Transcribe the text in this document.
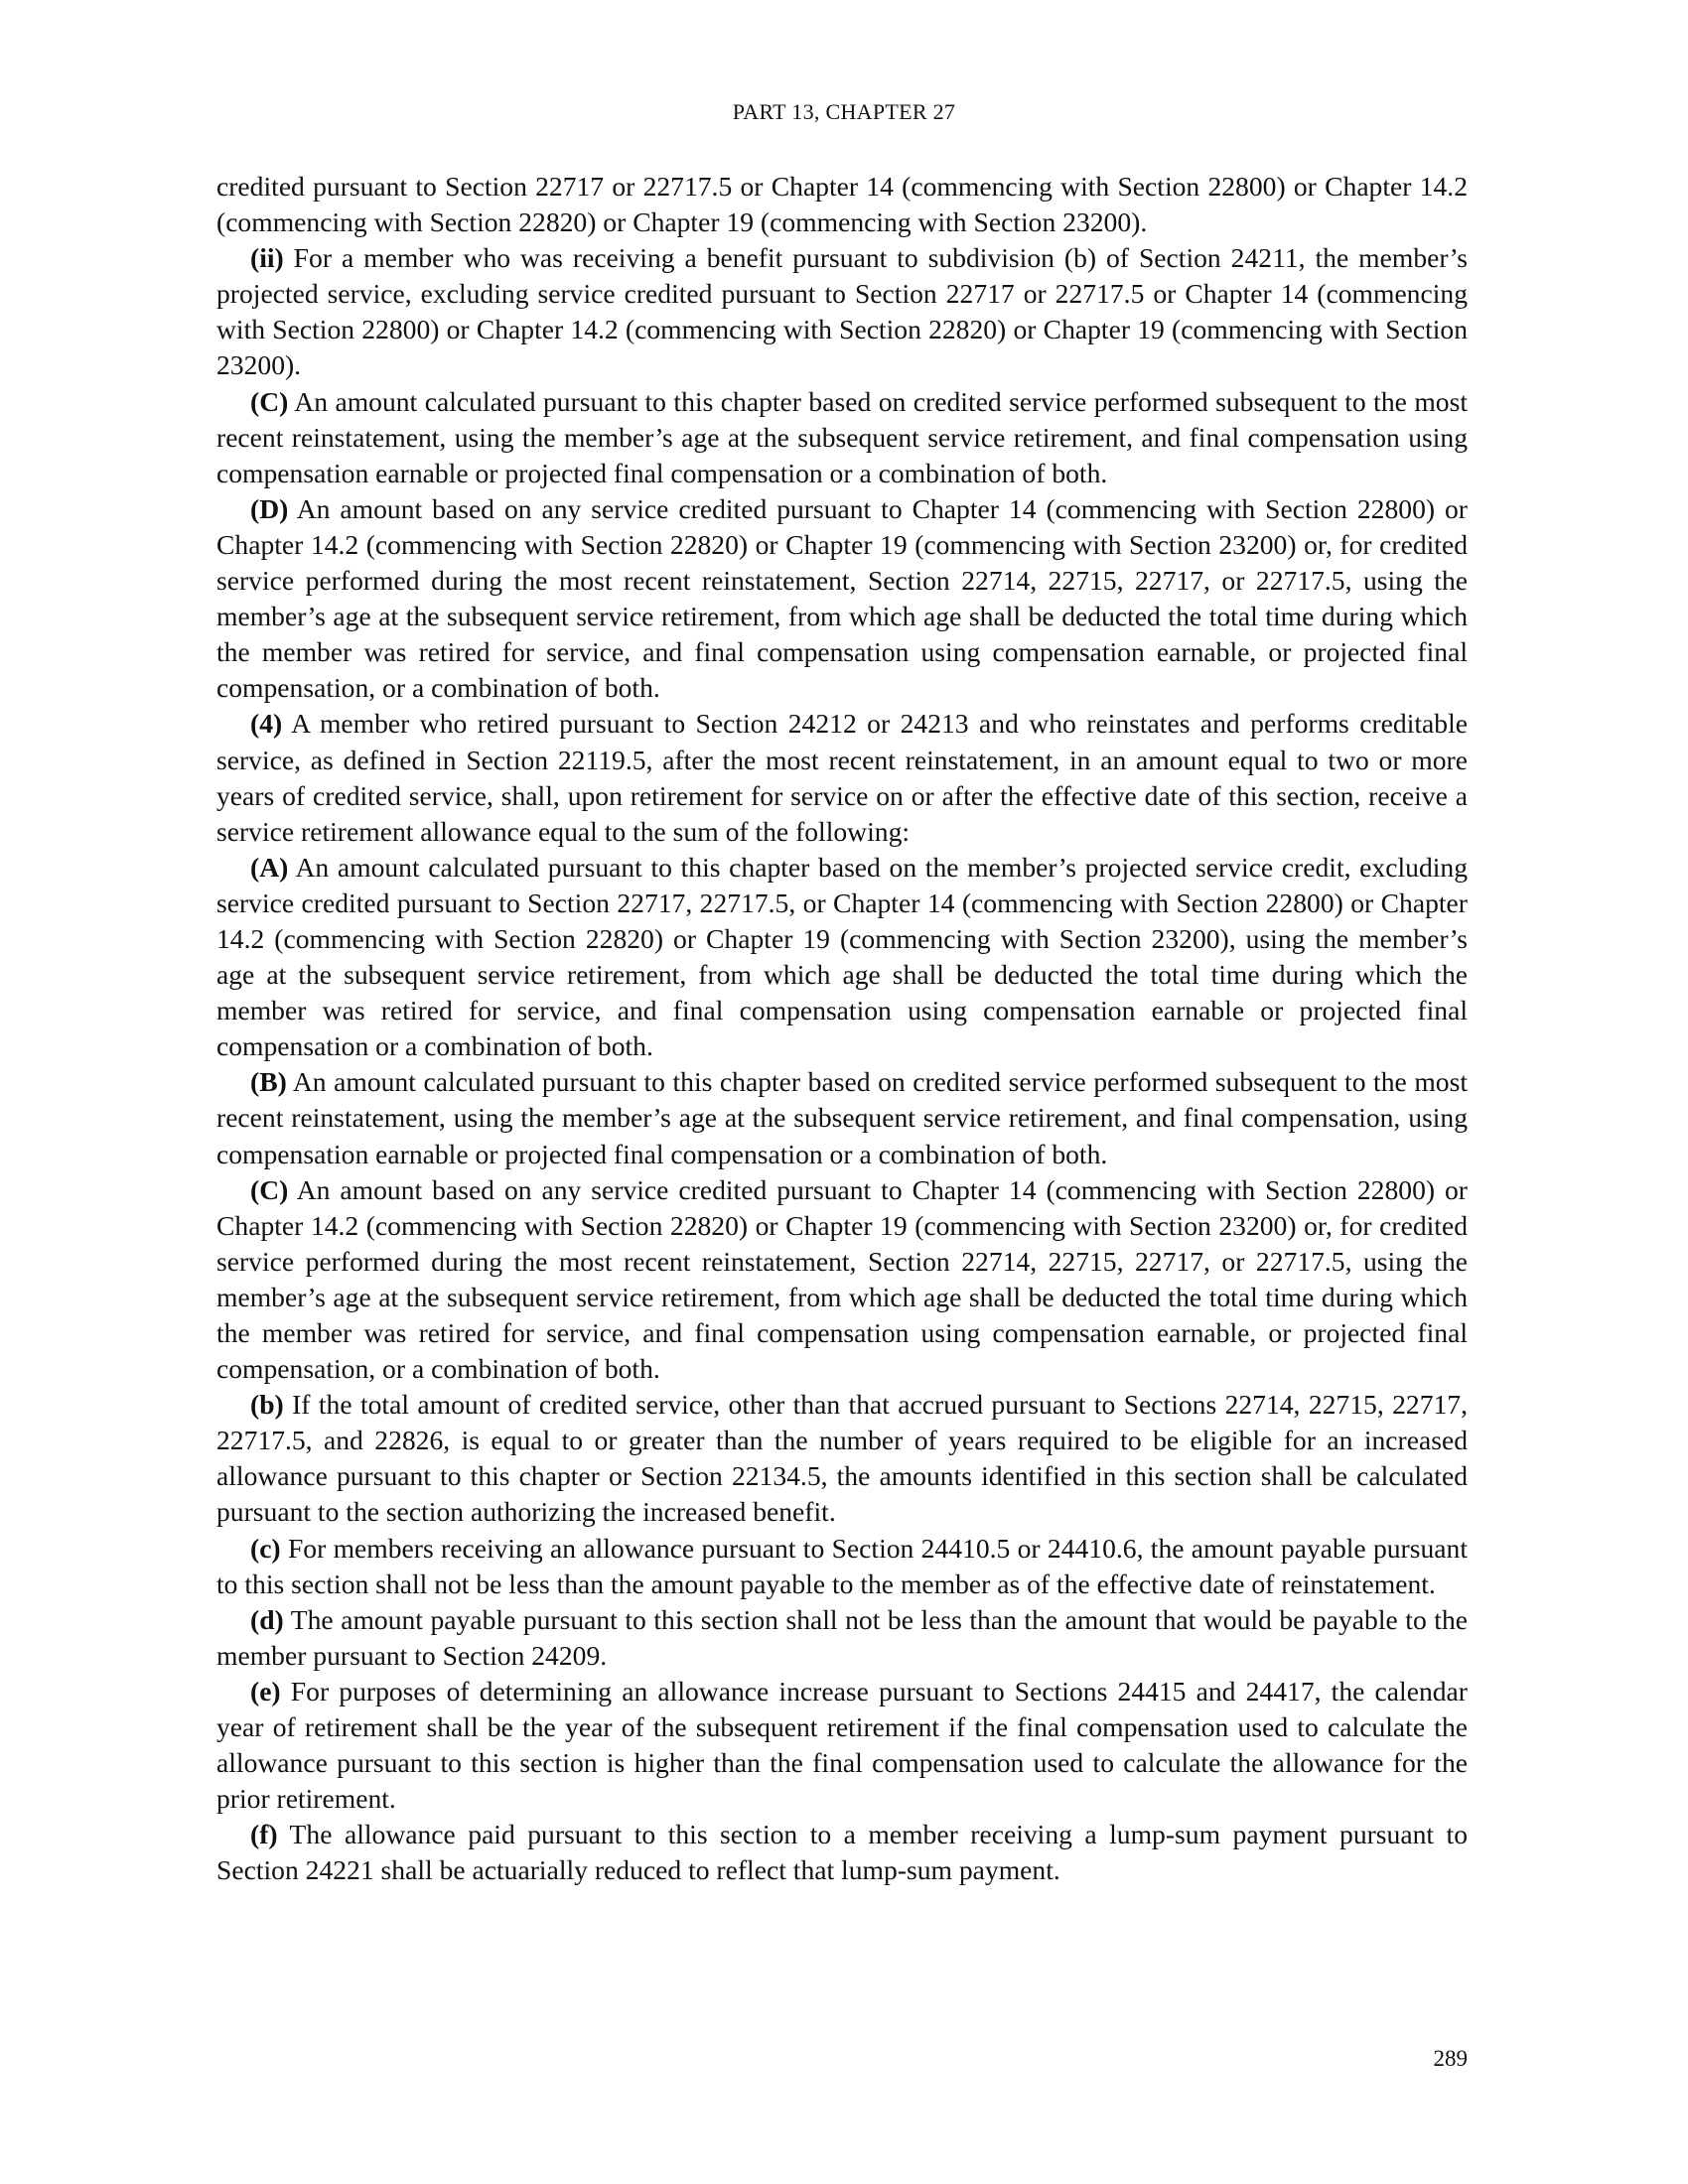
PART 13, CHAPTER 27

credited pursuant to Section 22717 or 22717.5 or Chapter 14 (commencing with Section 22800) or Chapter 14.2 (commencing with Section 22820) or Chapter 19 (commencing with Section 23200).

(ii) For a member who was receiving a benefit pursuant to subdivision (b) of Section 24211, the member’s projected service, excluding service credited pursuant to Section 22717 or 22717.5 or Chapter 14 (commencing with Section 22800) or Chapter 14.2 (commencing with Section 22820) or Chapter 19 (commencing with Section 23200).

(C) An amount calculated pursuant to this chapter based on credited service performed subsequent to the most recent reinstatement, using the member’s age at the subsequent service retirement, and final compensation using compensation earnable or projected final compensation or a combination of both.

(D) An amount based on any service credited pursuant to Chapter 14 (commencing with Section 22800) or Chapter 14.2 (commencing with Section 22820) or Chapter 19 (commencing with Section 23200) or, for credited service performed during the most recent reinstatement, Section 22714, 22715, 22717, or 22717.5, using the member’s age at the subsequent service retirement, from which age shall be deducted the total time during which the member was retired for service, and final compensation using compensation earnable, or projected final compensation, or a combination of both.

(4) A member who retired pursuant to Section 24212 or 24213 and who reinstates and performs creditable service, as defined in Section 22119.5, after the most recent reinstatement, in an amount equal to two or more years of credited service, shall, upon retirement for service on or after the effective date of this section, receive a service retirement allowance equal to the sum of the following:

(A) An amount calculated pursuant to this chapter based on the member’s projected service credit, excluding service credited pursuant to Section 22717, 22717.5, or Chapter 14 (commencing with Section 22800) or Chapter 14.2 (commencing with Section 22820) or Chapter 19 (commencing with Section 23200), using the member’s age at the subsequent service retirement, from which age shall be deducted the total time during which the member was retired for service, and final compensation using compensation earnable or projected final compensation or a combination of both.

(B) An amount calculated pursuant to this chapter based on credited service performed subsequent to the most recent reinstatement, using the member’s age at the subsequent service retirement, and final compensation, using compensation earnable or projected final compensation or a combination of both.

(C) An amount based on any service credited pursuant to Chapter 14 (commencing with Section 22800) or Chapter 14.2 (commencing with Section 22820) or Chapter 19 (commencing with Section 23200) or, for credited service performed during the most recent reinstatement, Section 22714, 22715, 22717, or 22717.5, using the member’s age at the subsequent service retirement, from which age shall be deducted the total time during which the member was retired for service, and final compensation using compensation earnable, or projected final compensation, or a combination of both.

(b) If the total amount of credited service, other than that accrued pursuant to Sections 22714, 22715, 22717, 22717.5, and 22826, is equal to or greater than the number of years required to be eligible for an increased allowance pursuant to this chapter or Section 22134.5, the amounts identified in this section shall be calculated pursuant to the section authorizing the increased benefit.

(c) For members receiving an allowance pursuant to Section 24410.5 or 24410.6, the amount payable pursuant to this section shall not be less than the amount payable to the member as of the effective date of reinstatement.

(d) The amount payable pursuant to this section shall not be less than the amount that would be payable to the member pursuant to Section 24209.

(e) For purposes of determining an allowance increase pursuant to Sections 24415 and 24417, the calendar year of retirement shall be the year of the subsequent retirement if the final compensation used to calculate the allowance pursuant to this section is higher than the final compensation used to calculate the allowance for the prior retirement.

(f) The allowance paid pursuant to this section to a member receiving a lump-sum payment pursuant to Section 24221 shall be actuarially reduced to reflect that lump-sum payment.

289
